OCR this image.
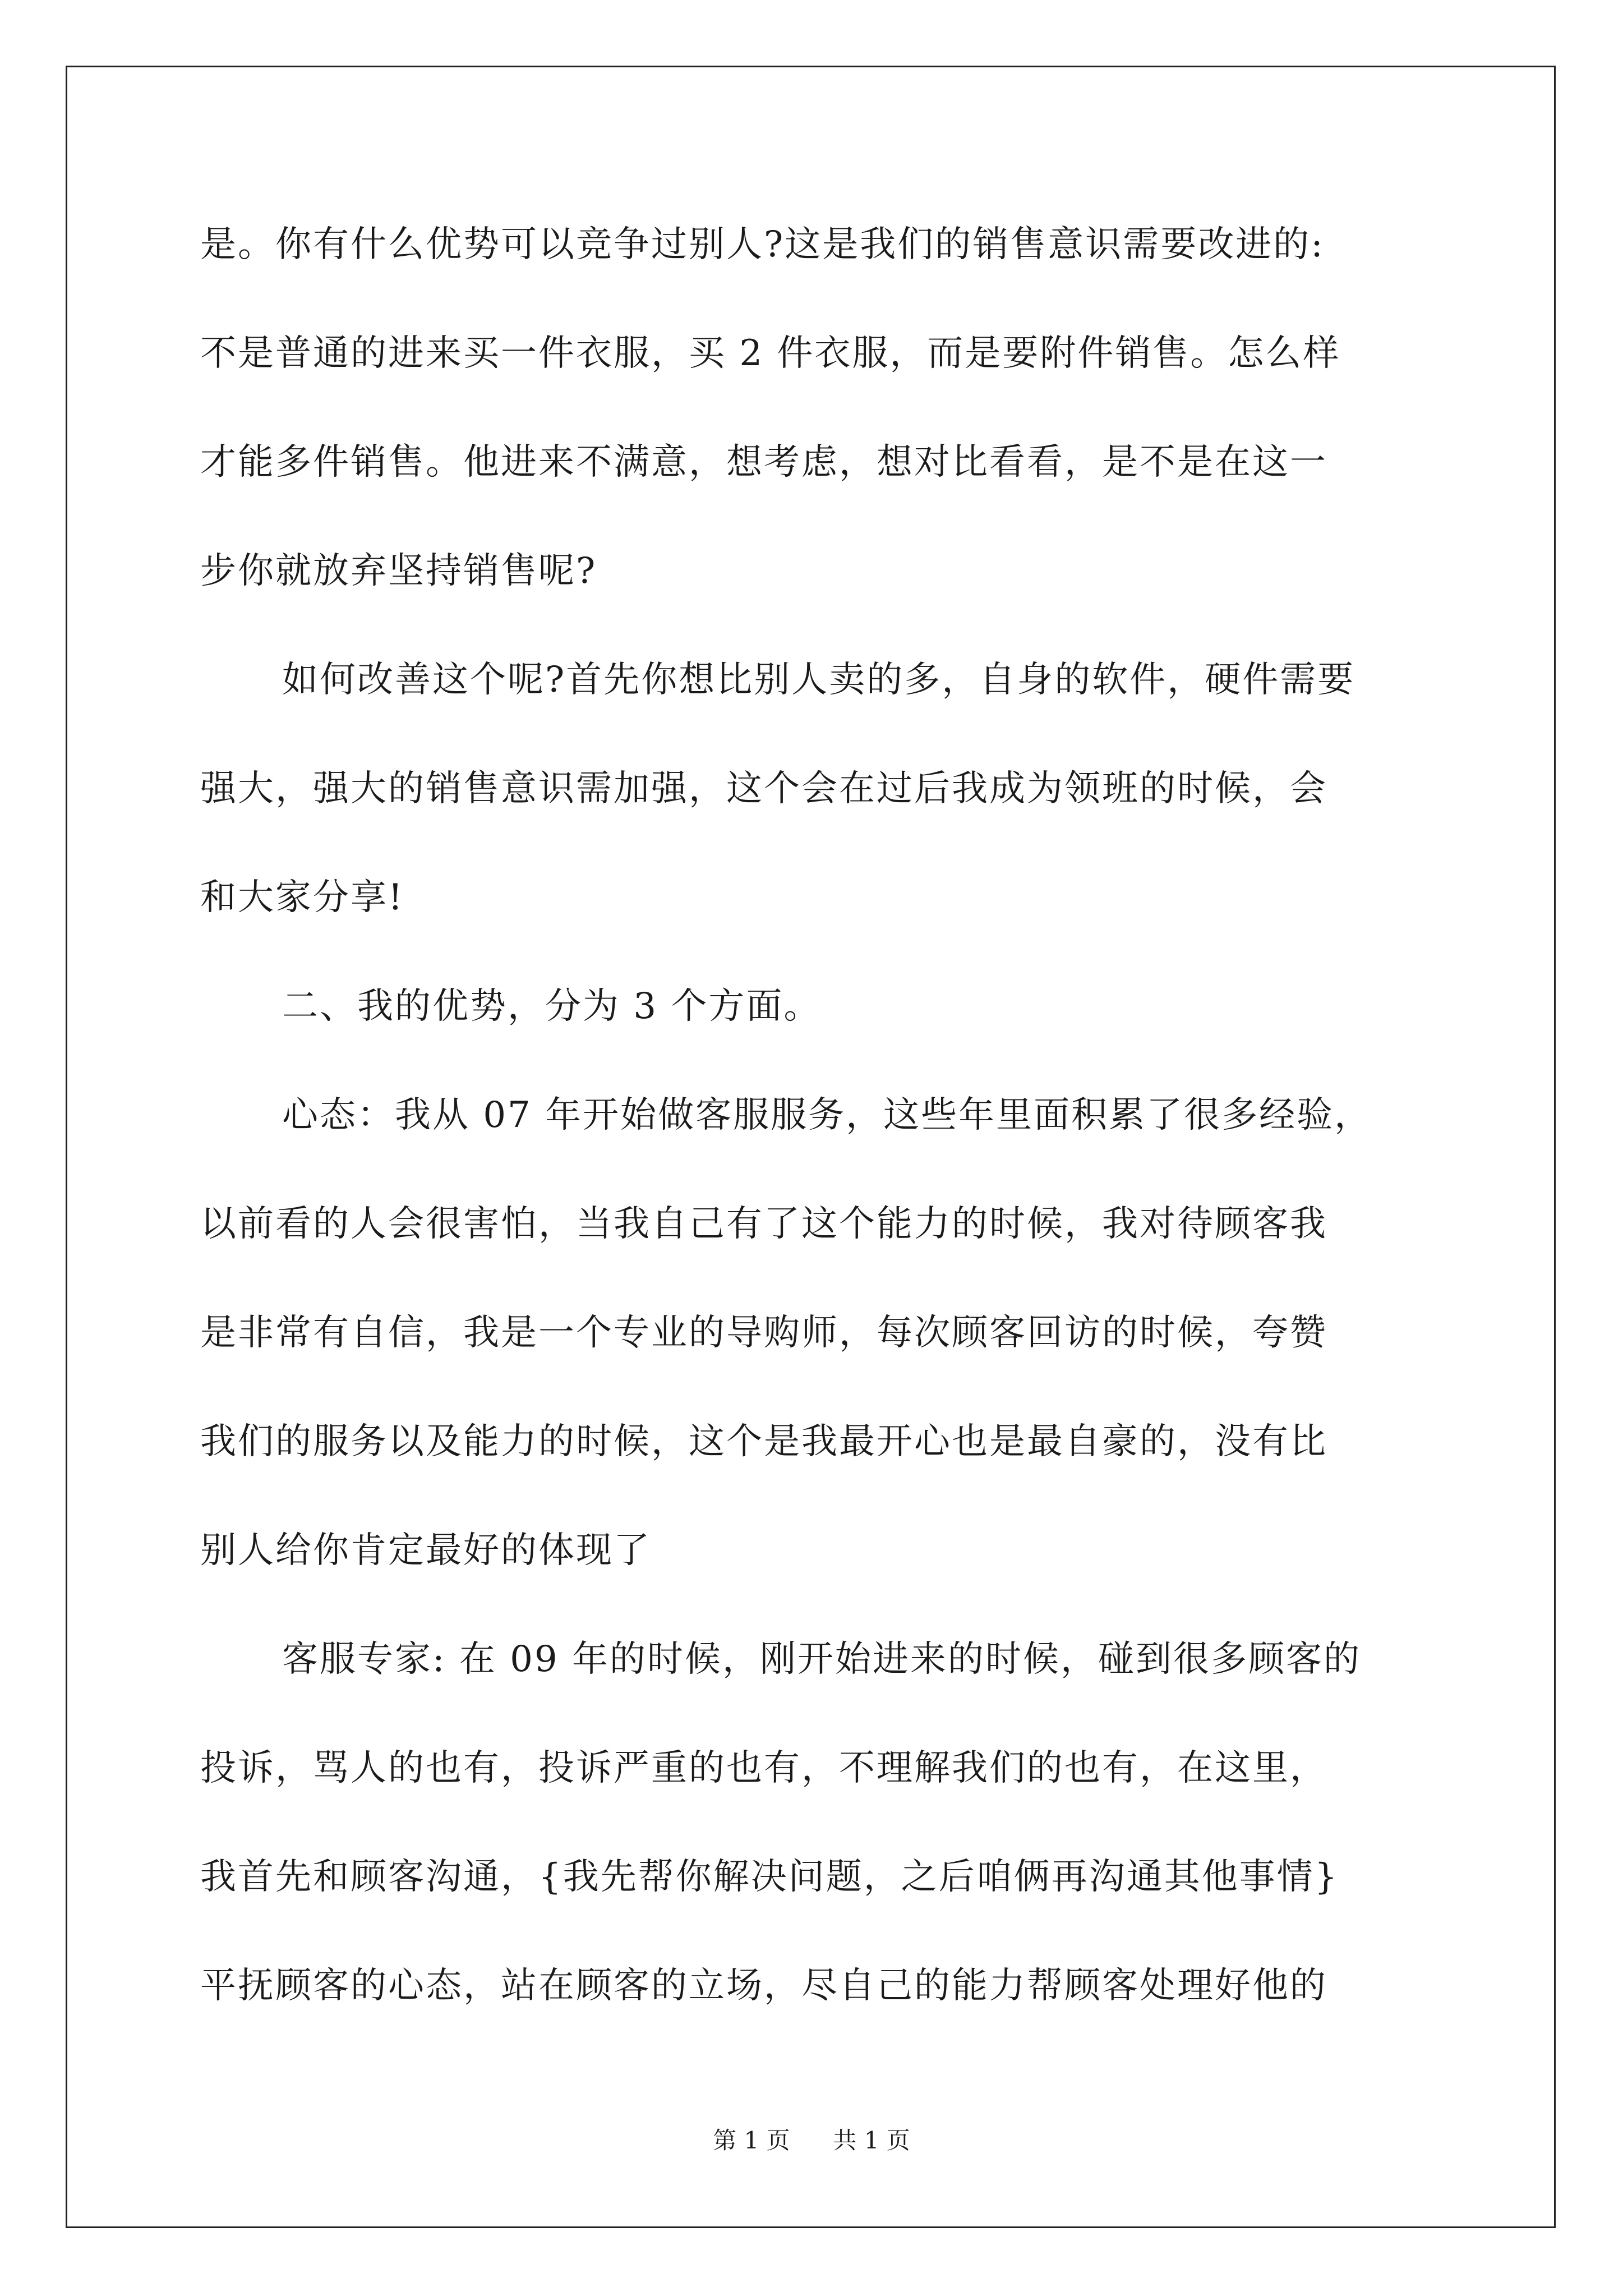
是。你有什么优势可以竞争过别人?这是我们的销售意识需要改进的:
不是普通的进来买一件衣服，买 2 件衣服，而是要附件销售。怎么样
才能多件销售。他进来不满意，想考虑，想对比看看，是不是在这一
步你就放弃坚持销售呢?
如何改善这个呢?首先你想比别人卖的多，自身的软件，硬件需要
强大，强大的销售意识需加强，这个会在过后我成为领班的时候，会
和大家分享!
二、我的优势，分为 3 个方面。
心态：我从 07 年开始做客服服务，这些年里面积累了很多经验，
以前看的人会很害怕，当我自己有了这个能力的时候，我对待顾客我
是非常有自信，我是一个专业的导购师，每次顾客回访的时候，夸赞
我们的服务以及能力的时候，这个是我最开心也是最自豪的，没有比
别人给你肯定最好的体现了
客服专家: 在 09 年的时候，刚开始进来的时候，碰到很多顾客的
投诉，骂人的也有，投诉严重的也有，不理解我们的也有，在这里，
我首先和顾客沟通，{我先帮你解决问题，之后咱俩再沟通其他事情}
平抚顾客的心态，站在顾客的立场，尽自己的能力帮顾客处理好他的
第 1 页 共 1 页
